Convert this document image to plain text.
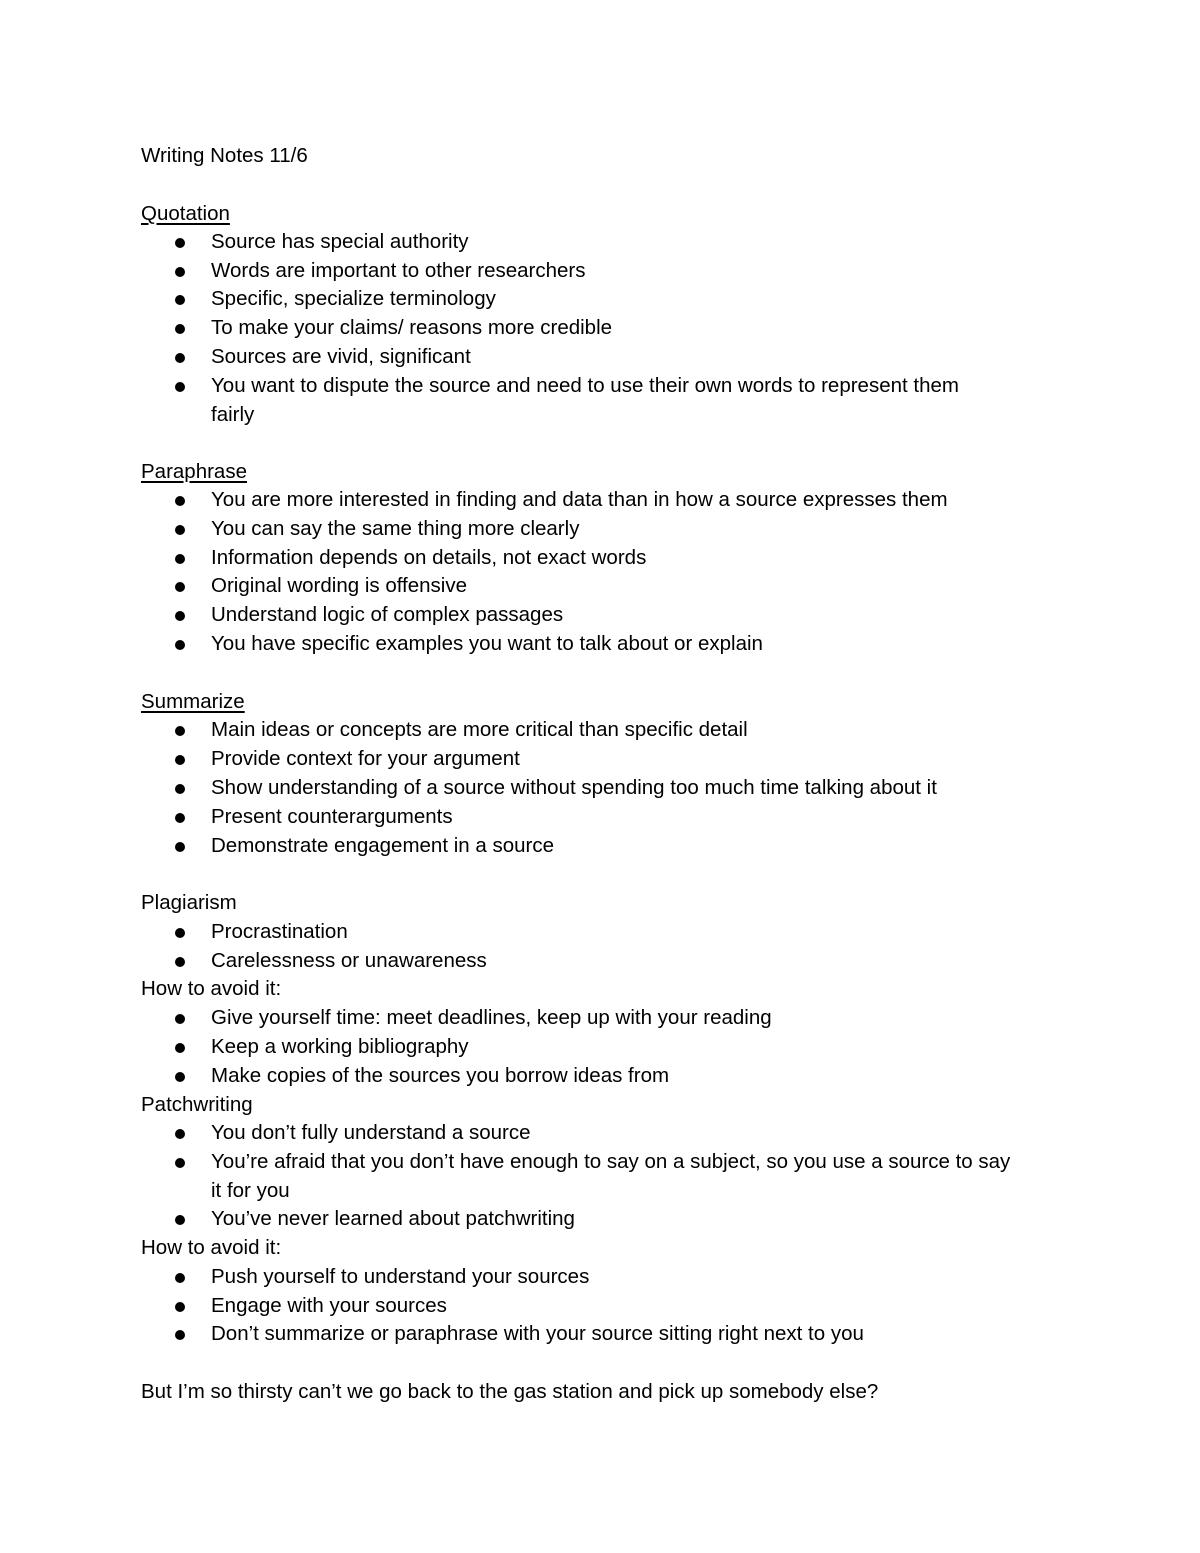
Writing Notes 11/6
Quotation
Source has special authority
Words are important to other researchers
Specific, specialize terminology
To make your claims/ reasons more credible
Sources are vivid, significant
You want to dispute the source and need to use their own words to represent them
fairly
Paraphrase
You are more interested in finding and data than in how a source expresses them
You can say the same thing more clearly
Information depends on details, not exact words
Original wording is offensive
Understand logic of complex passages
You have specific examples you want to talk about or explain
Summarize
Main ideas or concepts are more critical than specific detail
Provide context for your argument
Show understanding of a source without spending too much time talking about it
Present counterarguments
Demonstrate engagement in a source
Plagiarism
Procrastination
Carelessness or unawareness
How to avoid it:
Give yourself time: meet deadlines, keep up with your reading
Keep a working bibliography
Make copies of the sources you borrow ideas from
Patchwriting
You don’t fully understand a source
You’re afraid that you don’t have enough to say on a subject, so you use a source to say
it for you
You’ve never learned about patchwriting
How to avoid it:
Push yourself to understand your sources
Engage with your sources
Don’t summarize or paraphrase with your source sitting right next to you
But I’m so thirsty can’t we go back to the gas station and pick up somebody else?
